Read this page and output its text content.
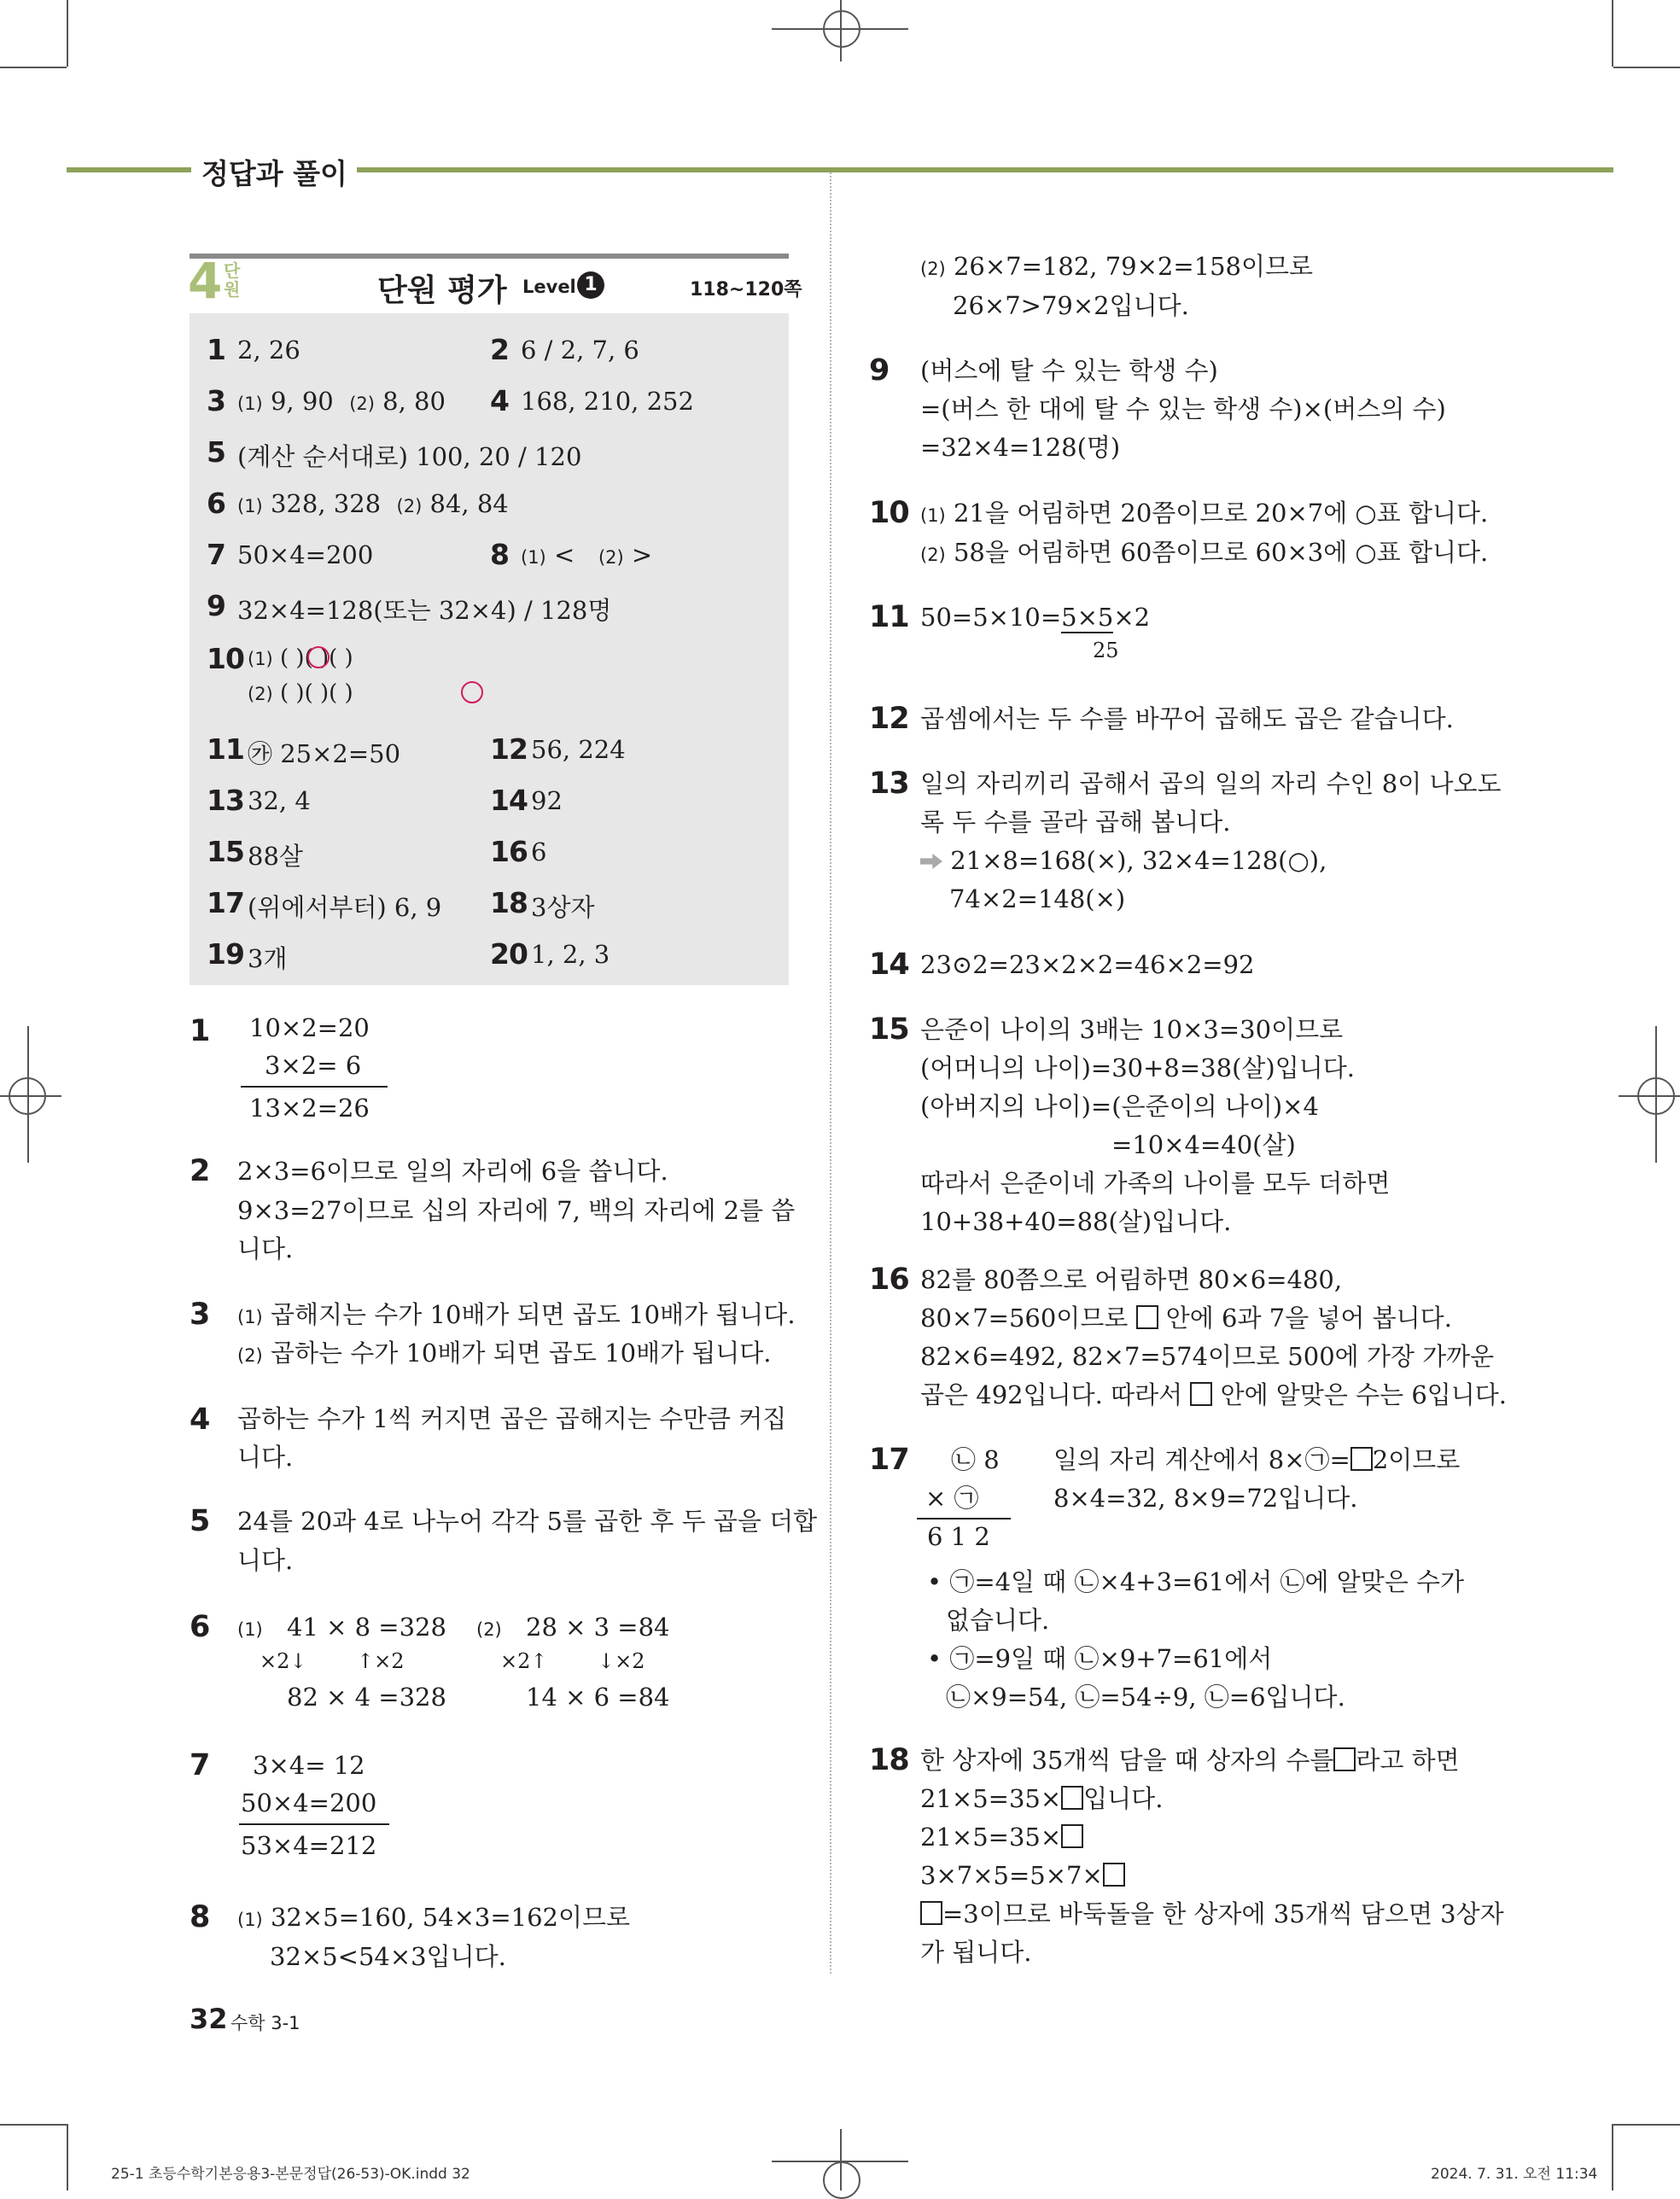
정답과 풀이
4 단원	단원 평가 Level 1	118~120쪽
1 2, 26	2 6 / 2, 7, 6
3 (1) 9, 90 (2) 8, 80 4 168, 210, 252
5 (계산 순서대로) 100, 20 / 120
6 (1) 328, 328 (2) 84, 84
7 50×4=200	8 (1) < (2) >
9 32×4=128(또는 32×4) / 128명
10 (1) ( )( )( )
(2) ( )( )( )
11 ㉮ 25×2=50	12 56, 224
13 32, 4	14 92
15 88살	16 6
17 (위에서부터) 6, 9 18 3상자
19 3개	20 1, 2, 3
1 10×2=20
3×2= 6
13×2=26
2 2×3=6이므로 일의 자리에 6을 씁니다.
9×3=27이므로 십의 자리에 7, 백의 자리에 2를 씁
니다.
3 (1) 곱해지는 수가 10배가 되면 곱도 10배가 됩니다.
(2) 곱하는 수가 10배가 되면 곱도 10배가 됩니다.
4 곱하는 수가 1씩 커지면 곱은 곱해지는 수만큼 커집
니다.
5 24를 20과 4로 나누어 각각 5를 곱한 후 두 곱을 더합
니다.
6 (1) 41 × 8 =328
×2↓ ↑×2
82 × 4 =328
(2) 28 × 3 =84
×2↑ ↓×2
14 × 6 =84
7 3×4= 12
50×4=200
53×4=212
8 (1) 32×5=160, 54×3=162이므로
32×5<54×3입니다.
(2) 26×7=182, 79×2=158이므로
26×7>79×2입니다.
9 (버스에 탈 수 있는 학생 수)
=(버스 한 대에 탈 수 있는 학생 수)×(버스의 수)
=32×4=128(명)
10 (1) 21을 어림하면 20쯤이므로 20×7에 ○표 합니다.
(2) 58을 어림하면 60쯤이므로 60×3에 ○표 합니다.
11 50=5×10=5×5×2
25
12 곱셈에서는 두 수를 바꾸어 곱해도 곱은 같습니다.
13 일의 자리끼리 곱해서 곱의 일의 자리 수인 8이 나오도
록 두 수를 골라 곱해 봅니다.
21×8=168(×), 32×4=128(○),
74×2=148(×)
14 23⊙2=23×2×2=46×2=92
15 은준이 나이의 3배는 10×3=30이므로
(어머니의 나이)=30+8=38(살)입니다.
(아버지의 나이)=(은준이의 나이)×4
=10×4=40(살)
따라서 은준이네 가족의 나이를 모두 더하면
10+38+40=88(살)입니다.
16 82를 80쯤으로 어림하면 80×6=480,
80×7=560이므로 안에 6과 7을 넣어 봅니다.
82×6=492, 82×7=574이므로 500에 가장 가까운
곱은 492입니다. 따라서 안에 알맞은 수는 6입니다.
17 ㉡ 8
× ㉠
6 1 2
일의 자리 계산에서 8×㉠= 2이므로
8×4=32, 8×9=72입니다.
• ㉠=4일 때 ㉡×4+3=61에서 ㉡에 알맞은 수가
없습니다.
• ㉠=9일 때 ㉡×9+7=61에서
㉡×9=54, ㉡=54÷9, ㉡=6입니다.
18 한 상자에 35개씩 담을 때 상자의 수를 라고 하면
21×5=35× 입니다.
21×5=35×
3×7×5=5×7×
=3이므로 바둑돌을 한 상자에 35개씩 담으면 3상자
가 됩니다.
32 수학 3-1
25-1 초등수학기본응용3-본문정답(26-53)-OK.indd 32	2024. 7. 31. 오전 11:34
